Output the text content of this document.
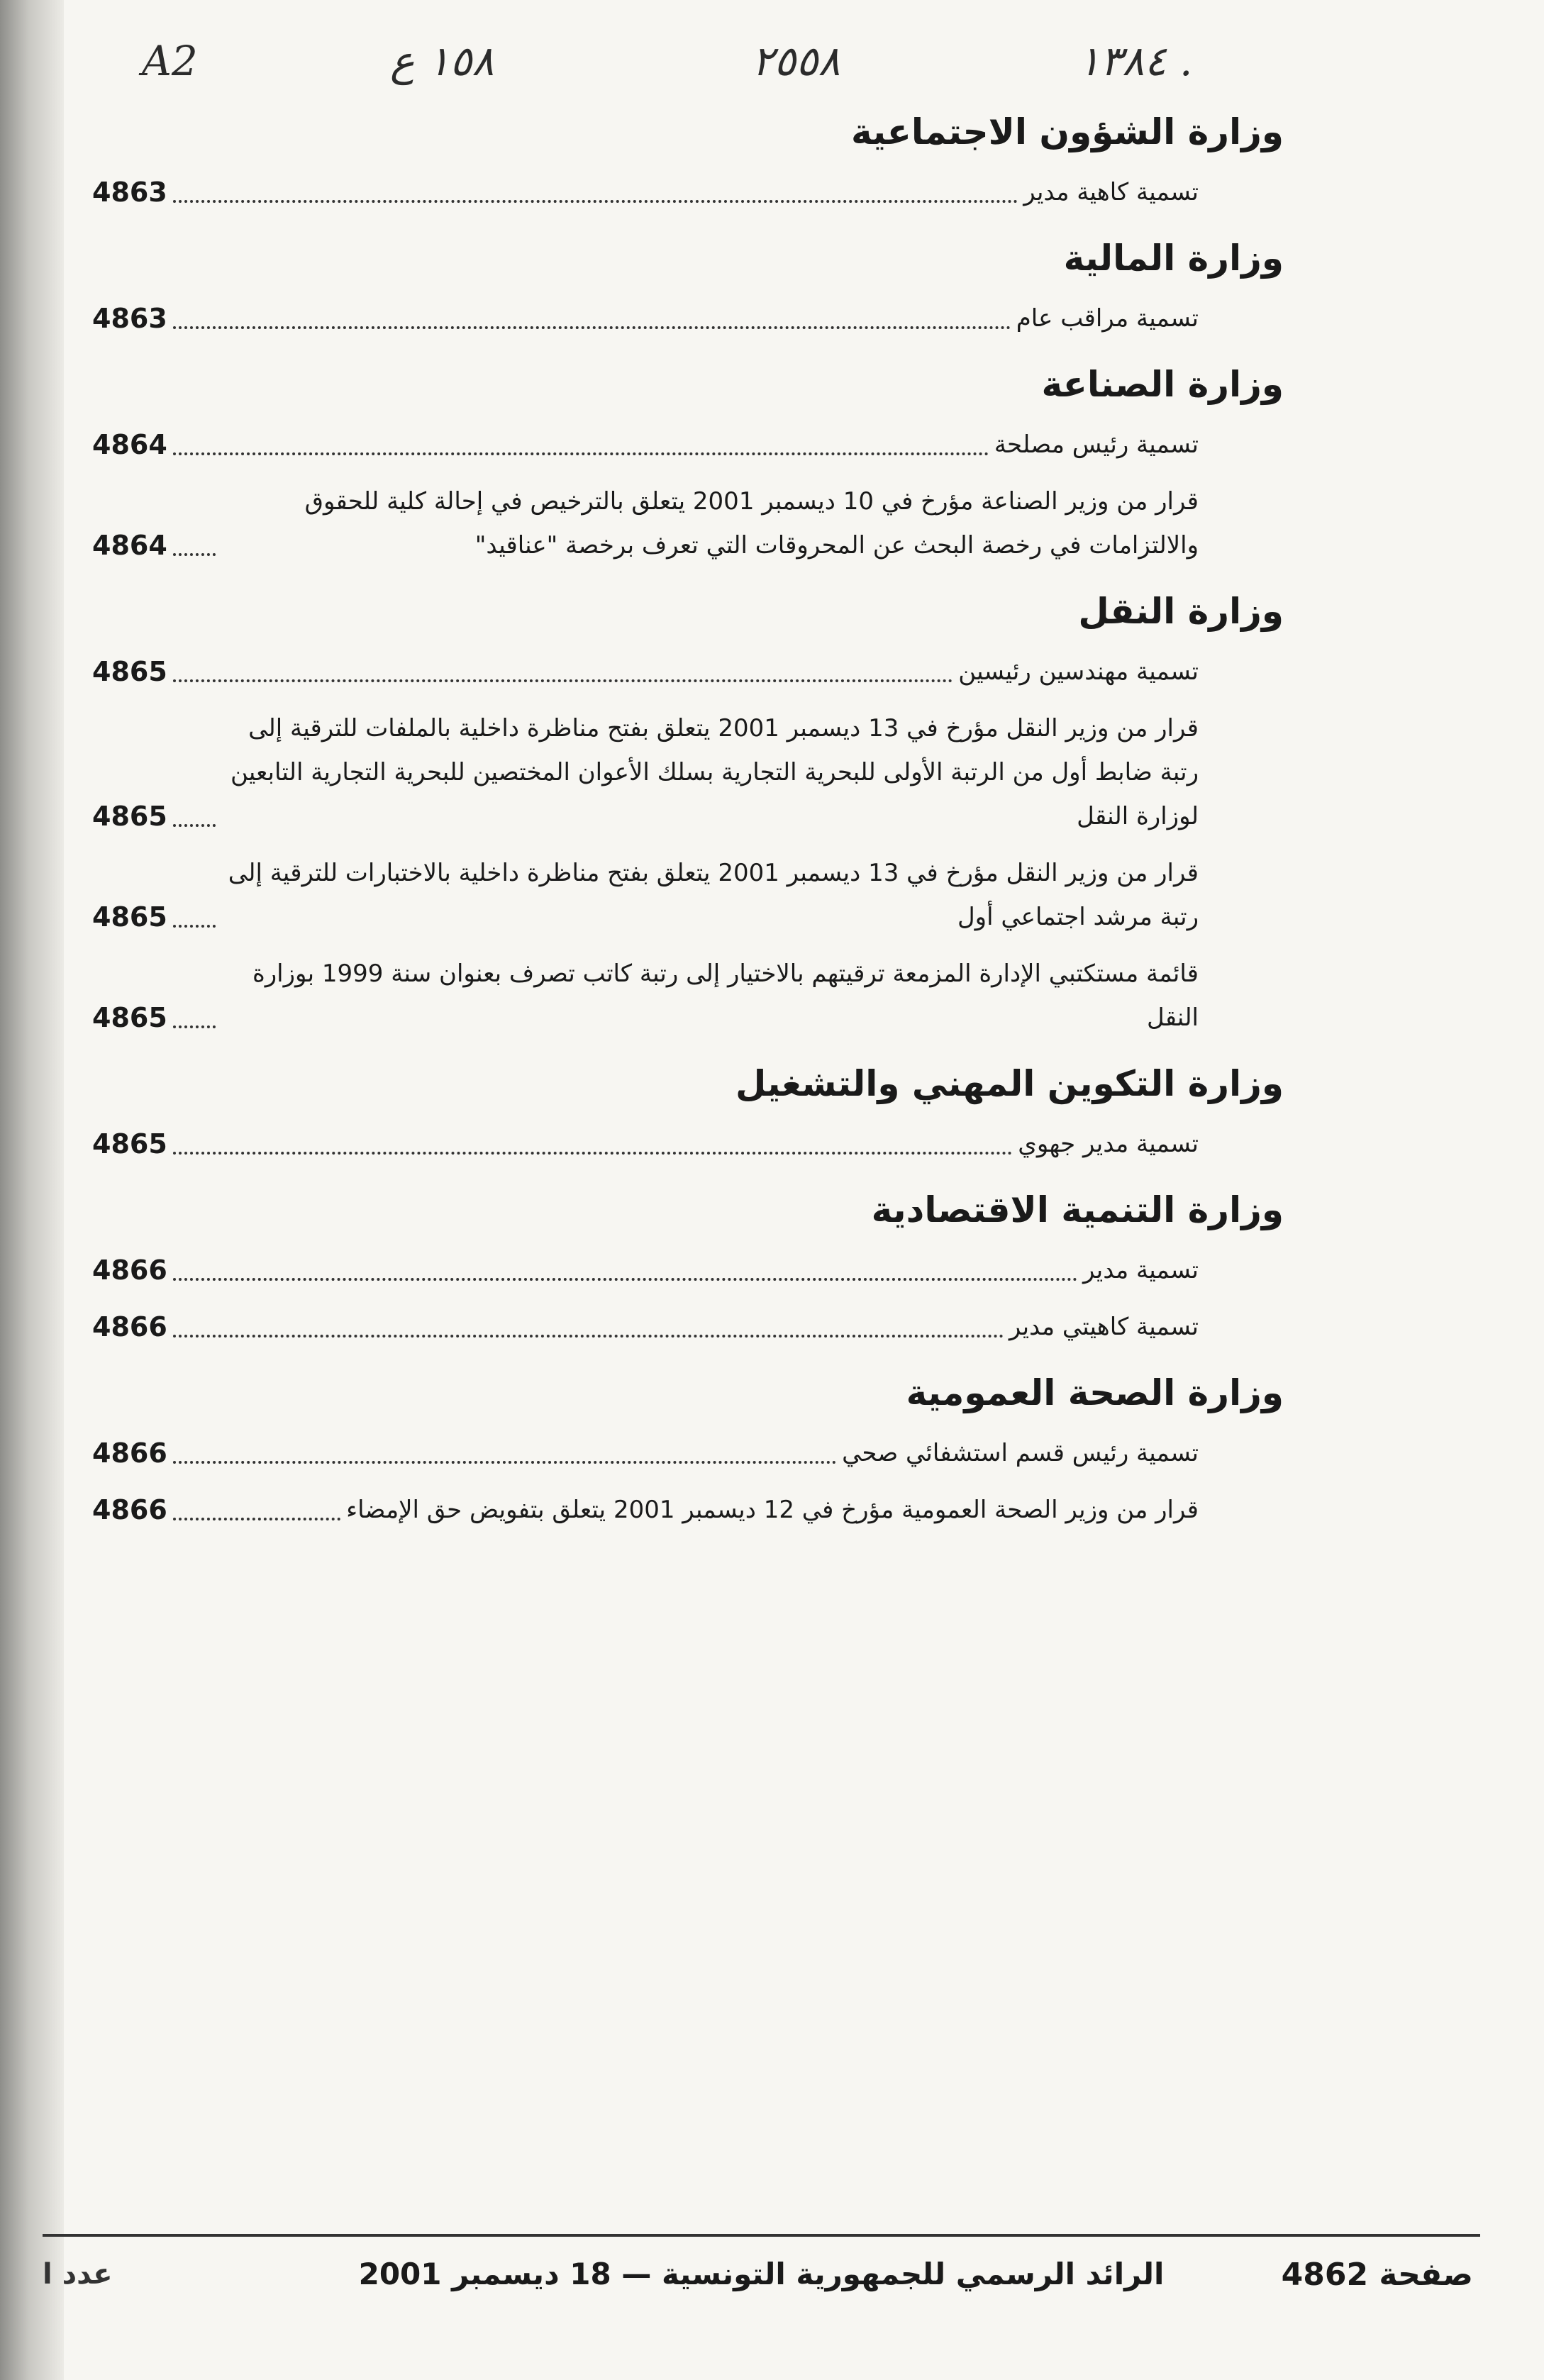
A2	١٥٨ ع	٢٥٥٨	١٣٨٤ .
وزارة الشؤون الاجتماعية
تسمية كاهية مدير
4863
وزارة المالية
تسمية مراقب عام
4863
وزارة الصناعة
تسمية رئيس مصلحة
4864
قرار من وزير الصناعة مؤرخ في 10 ديسمبر 2001 يتعلق بالترخيص في إحالة كلية للحقوق والالتزامات في رخصة البحث عن المحروقات التي تعرف برخصة "عناقيد"
4864
وزارة النقل
تسمية مهندسين رئيسين
4865
قرار من وزير النقل مؤرخ في 13 ديسمبر 2001 يتعلق بفتح مناظرة داخلية بالملفات للترقية إلى رتبة ضابط أول من الرتبة الأولى للبحرية التجارية بسلك الأعوان المختصين للبحرية التجارية التابعين لوزارة النقل
4865
قرار من وزير النقل مؤرخ في 13 ديسمبر 2001 يتعلق بفتح مناظرة داخلية بالاختبارات للترقية إلى رتبة مرشد اجتماعي أول
4865
قائمة مستكتبي الإدارة المزمعة ترقيتهم بالاختيار إلى رتبة كاتب تصرف بعنوان سنة 1999 بوزارة النقل
4865
وزارة التكوين المهني والتشغيل
تسمية مدير جهوي
4865
وزارة التنمية الاقتصادية
تسمية مدير
4866
تسمية كاهيتي مدير
4866
وزارة الصحة العمومية
تسمية رئيس قسم استشفائي صحي
4866
قرار من وزير الصحة العمومية مؤرخ في 12 ديسمبر 2001 يتعلق بتفويض حق الإمضاء
4866
عدد ا	الرائد الرسمي للجمهورية التونسية — 18 ديسمبر 2001	صفحة 4862
